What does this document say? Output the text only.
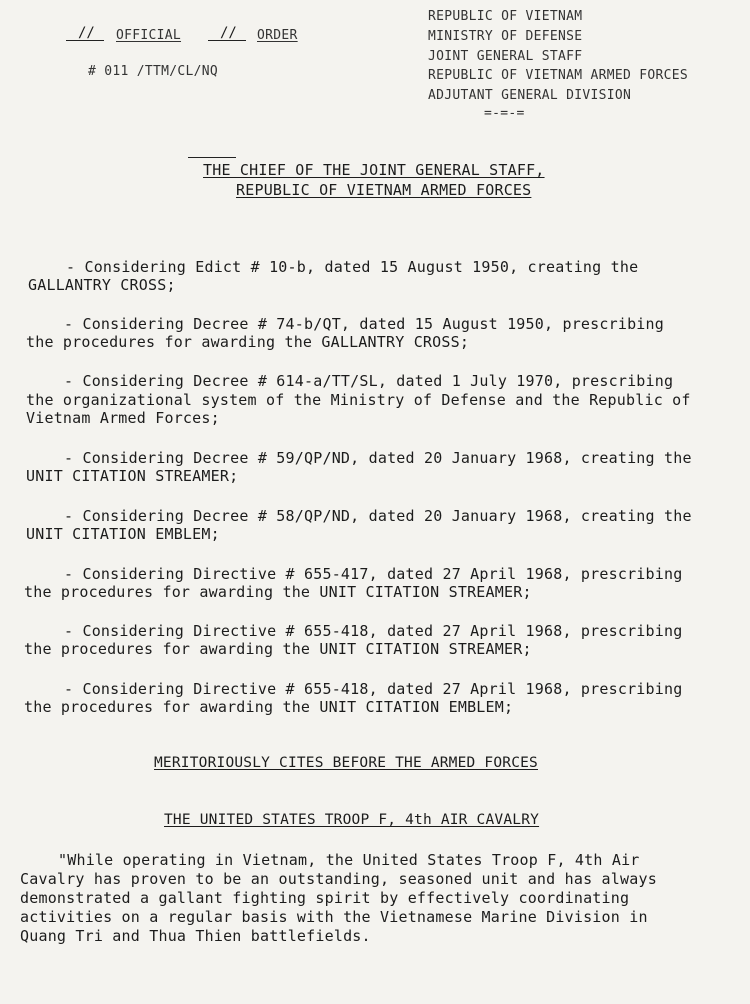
// OFFICIAL	// ORDER
# 011 /TTM/CL/NQ
REPUBLIC OF VIETNAM
MINISTRY OF DEFENSE
JOINT GENERAL STAFF
REPUBLIC OF VIETNAM ARMED FORCES
ADJUTANT GENERAL DIVISION
=-=-=
THE CHIEF OF THE JOINT GENERAL STAFF,
REPUBLIC OF VIETNAM ARMED FORCES
- Considering Edict # 10-b, dated 15 August 1950, creating the
GALLANTRY CROSS;
- Considering Decree # 74-b/QT, dated 15 August 1950, prescribing
the procedures for awarding the GALLANTRY CROSS;
- Considering Decree # 614-a/TT/SL, dated 1 July 1970, prescribing
the organizational system of the Ministry of Defense and the Republic of
Vietnam Armed Forces;
- Considering Decree # 59/QP/ND, dated 20 January 1968, creating the
UNIT CITATION STREAMER;
- Considering Decree # 58/QP/ND, dated 20 January 1968, creating the
UNIT CITATION EMBLEM;
- Considering Directive # 655-417, dated 27 April 1968, prescribing
the procedures for awarding the UNIT CITATION STREAMER;
- Considering Directive # 655-418, dated 27 April 1968, prescribing
the procedures for awarding the UNIT CITATION STREAMER;
- Considering Directive # 655-418, dated 27 April 1968, prescribing
the procedures for awarding the UNIT CITATION EMBLEM;
MERITORIOUSLY CITES BEFORE THE ARMED FORCES
THE UNITED STATES TROOP F, 4th AIR CAVALRY
"While operating in Vietnam, the United States Troop F, 4th Air
Cavalry has proven to be an outstanding, seasoned unit and has always
demonstrated a gallant fighting spirit by effectively coordinating
activities on a regular basis with the Vietnamese Marine Division in
Quang Tri and Thua Thien battlefields.
